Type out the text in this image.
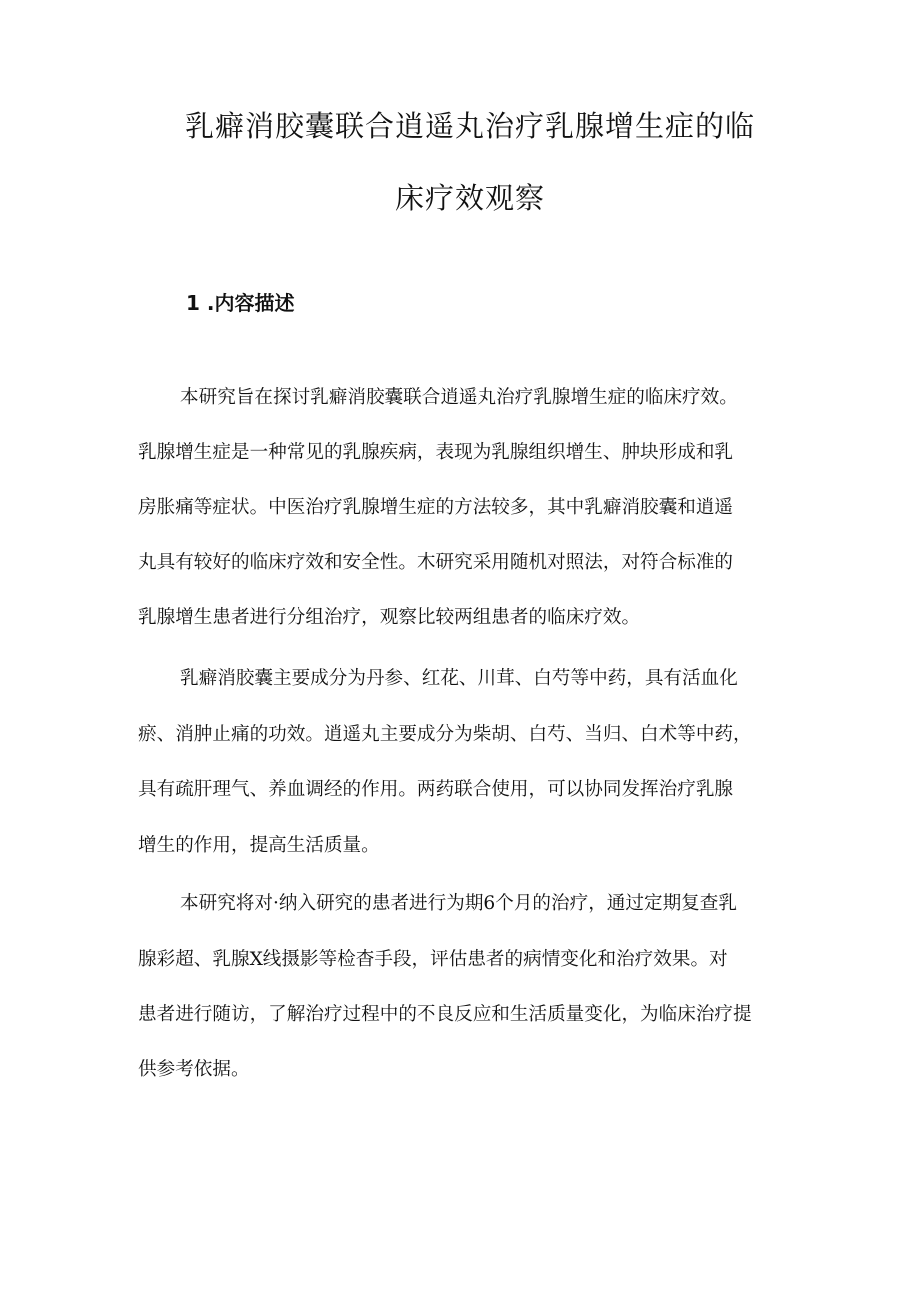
乳癖消胶囊联合逍遥丸治疗乳腺增生症的临
床疗效观察
1 .内容描述
本研究旨在探讨乳癖消胶囊联合逍遥丸治疗乳腺增生症的临床疗效。
乳腺增生症是一种常见的乳腺疾病，表现为乳腺组织增生、肿块形成和乳
房胀痛等症状。中医治疗乳腺增生症的方法较多，其中乳癖消胶囊和逍遥
丸具有较好的临床疗效和安全性。木研究采用随机对照法，对符合标准的
乳腺增生患者进行分组治疗，观察比较两组患者的临床疗效。
乳癖消胶囊主要成分为丹参、红花、川茸、白芍等中药，具有活血化
瘀、消肿止痛的功效。逍遥丸主要成分为柴胡、白芍、当归、白术等中药，
具有疏肝理气、养血调经的作用。两药联合使用，可以协同发挥治疗乳腺
增生的作用，提高生活质量。
本研究将对·纳入研究的患者进行为期6个月的治疗，通过定期复查乳
腺彩超、乳腺X线摄影等检杳手段，评估患者的病情变化和治疗效果。对
患者进行随访，了解治疗过程中的不良反应和生活质量变化，为临床治疗提
供参考依据。
